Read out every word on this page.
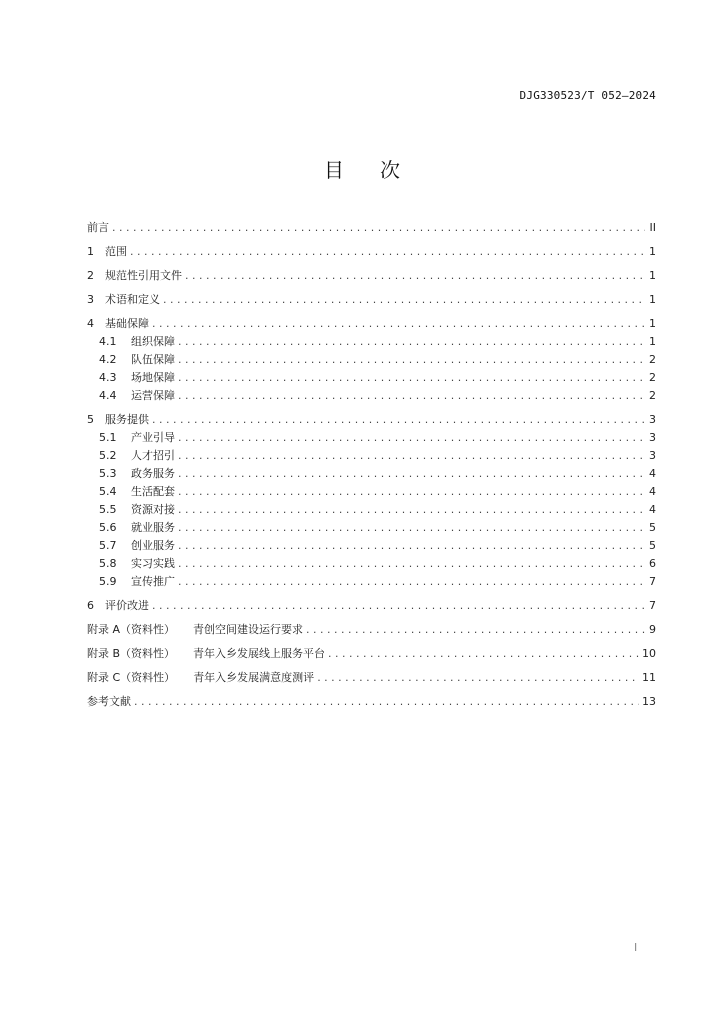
DJG330523/T 052—2024
目 次
前言 . . .	II
1	范围 . . .	1
2	规范性引用文件 . . .	1
3	术语和定义 . . .	1
4	基础保障 . . .	1
4.1	组织保障 . . .	1
4.2	队伍保障 . . .	2
4.3	场地保障 . . .	2
4.4	运营保障 . . .	2
5	服务提供 . . .	3
5.1	产业引导 . . .	3
5.2	人才招引 . . .	3
5.3	政务服务 . . .	4
5.4	生活配套 . . .	4
5.5	资源对接 . . .	4
5.6	就业服务 . . .	5
5.7	创业服务 . . .	5
5.8	实习实践 . . .	6
5.9	宣传推广 . . .	7
6	评价改进 . . .	7
附录 A（资料性） 青创空间建设运行要求 . . .	9
附录 B（资料性） 青年入乡发展线上服务平台 . . .	10
附录 C（资料性） 青年入乡发展满意度测评 . . .	11
参考文献 . . .	13
I
